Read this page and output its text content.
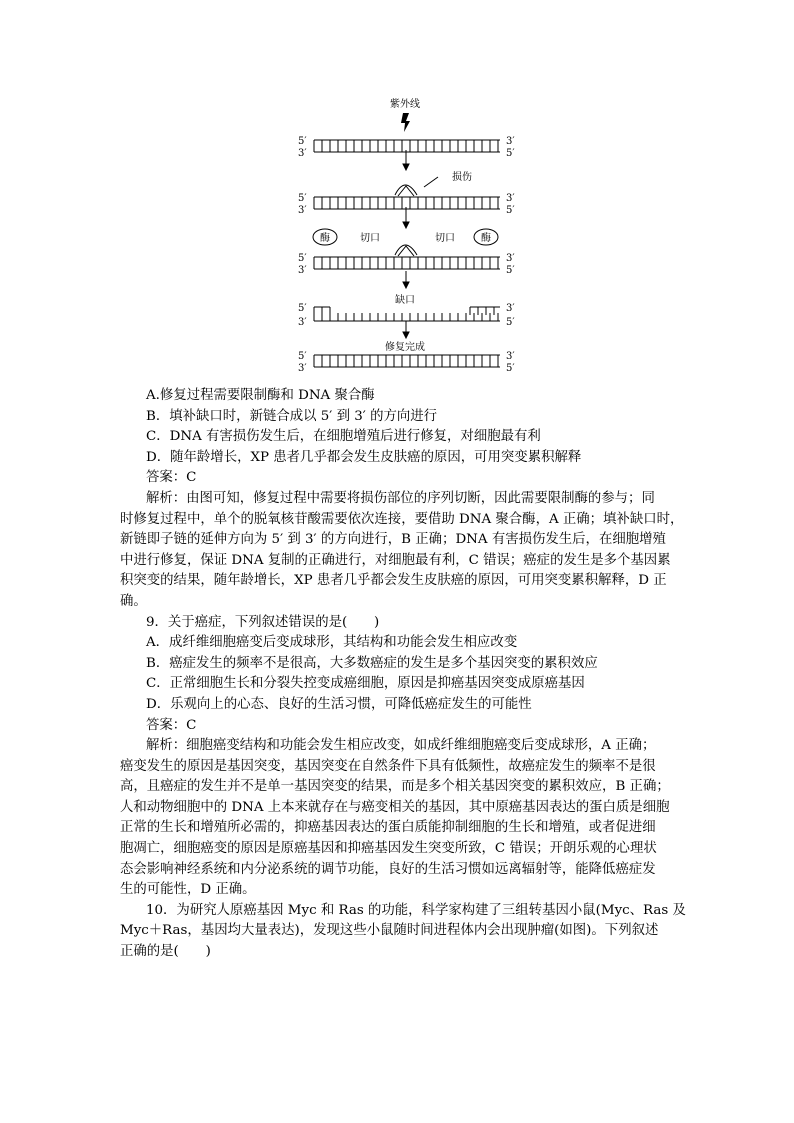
紫外线
5′	3′
3′	5′
5′	3′
3′	5′
5′	3′
3′	5′
5′	3′
3′	5′
5′	3′
3′	5′
损伤
酶	酶
切口	切口
缺口
修复完成
A.修复过程需要限制酶和 DNA 聚合酶
B．填补缺口时，新链合成以 5′ 到 3′ 的方向进行
C．DNA 有害损伤发生后，在细胞增殖后进行修复，对细胞最有利
D．随年龄增长，XP 患者几乎都会发生皮肤癌的原因，可用突变累积解释
答案：C
解析：由图可知，修复过程中需要将损伤部位的序列切断，因此需要限制酶的参与；同
时修复过程中，单个的脱氧核苷酸需要依次连接，要借助 DNA 聚合酶，A 正确；填补缺口时，
新链即子链的延伸方向为 5′ 到 3′ 的方向进行，B 正确；DNA 有害损伤发生后，在细胞增殖
中进行修复，保证 DNA 复制的正确进行，对细胞最有利，C 错误；癌症的发生是多个基因累
积突变的结果，随年龄增长，XP 患者几乎都会发生皮肤癌的原因，可用突变累积解释，D 正
确。
9．关于癌症，下列叙述错误的是(　　)
A．成纤维细胞癌变后变成球形，其结构和功能会发生相应改变
B．癌症发生的频率不是很高，大多数癌症的发生是多个基因突变的累积效应
C．正常细胞生长和分裂失控变成癌细胞，原因是抑癌基因突变成原癌基因
D．乐观向上的心态、良好的生活习惯，可降低癌症发生的可能性
答案：C
解析：细胞癌变结构和功能会发生相应改变，如成纤维细胞癌变后变成球形，A 正确；
癌变发生的原因是基因突变，基因突变在自然条件下具有低频性，故癌症发生的频率不是很
高，且癌症的发生并不是单一基因突变的结果，而是多个相关基因突变的累积效应，B 正确；
人和动物细胞中的 DNA 上本来就存在与癌变相关的基因，其中原癌基因表达的蛋白质是细胞
正常的生长和增殖所必需的，抑癌基因表达的蛋白质能抑制细胞的生长和增殖，或者促进细
胞凋亡，细胞癌变的原因是原癌基因和抑癌基因发生突变所致，C 错误；开朗乐观的心理状
态会影响神经系统和内分泌系统的调节功能，良好的生活习惯如远离辐射等，能降低癌症发
生的可能性，D 正确。
10．为研究人原癌基因 Myc 和 Ras 的功能，科学家构建了三组转基因小鼠(Myc、Ras 及
Myc＋Ras，基因均大量表达)，发现这些小鼠随时间进程体内会出现肿瘤(如图)。下列叙述
正确的是(　　)
